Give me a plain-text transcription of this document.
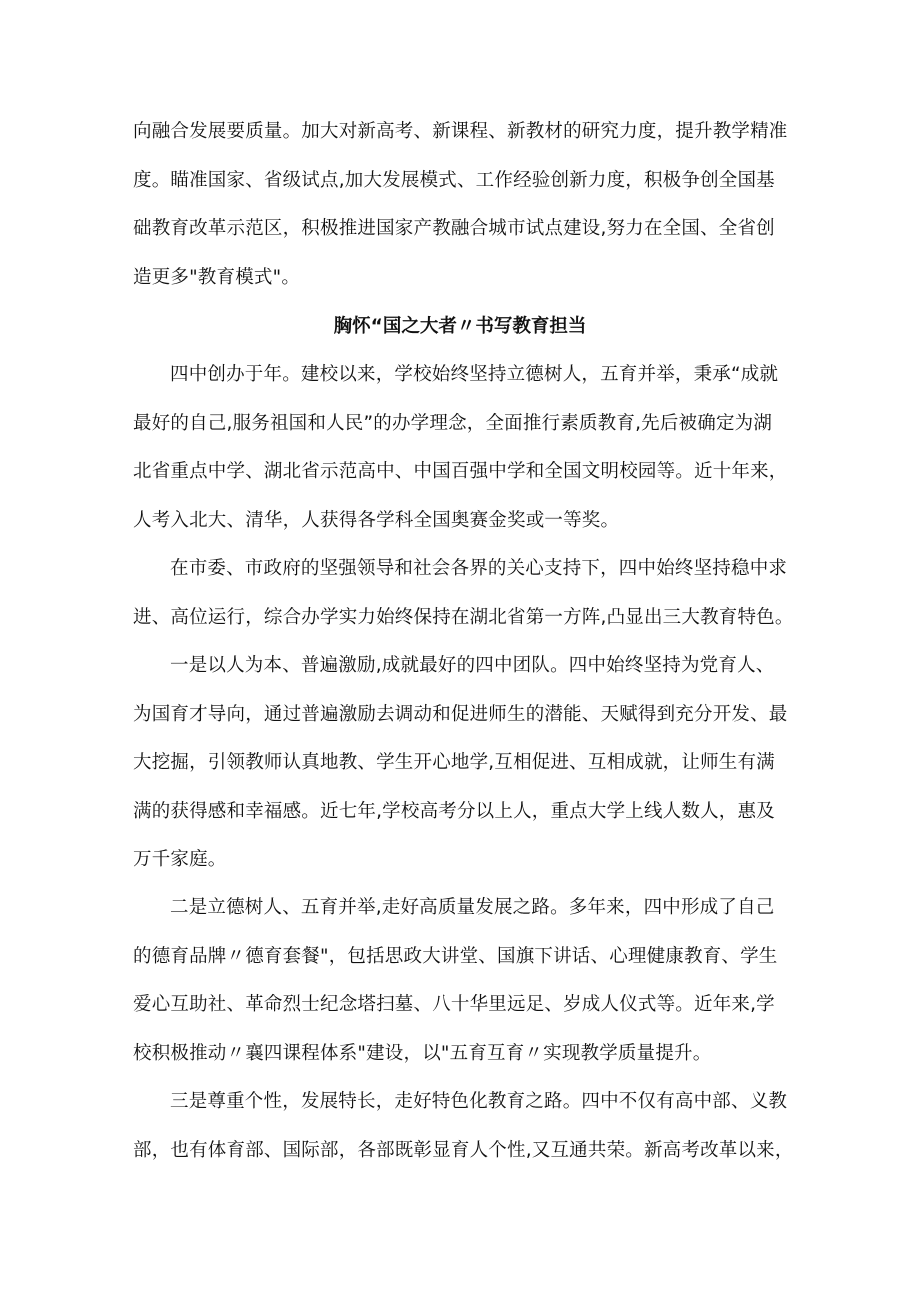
向融合发展要质量。加大对新高考、新课程、新教材的研究力度，提升教学精准
度。瞄准国家、省级试点,加大发展模式、工作经验创新力度，积极争创全国基
础教育改革示范区，积极推进国家产教融合城市试点建设,努力在全国、全省创
造更多"教育模式"。
胸怀“国之大者〃书写教育担当
四中创办于年。建校以来，学校始终坚持立德树人，五育并举，秉承“成就
最好的自己,服务祖国和人民”的办学理念，全面推行素质教育,先后被确定为湖
北省重点中学、湖北省示范高中、中国百强中学和全国文明校园等。近十年来，
人考入北大、清华，人获得各学科全国奥赛金奖或一等奖。
在市委、市政府的坚强领导和社会各界的关心支持下，四中始终坚持稳中求
进、高位运行，综合办学实力始终保持在湖北省第一方阵,凸显出三大教育特色。
一是以人为本、普遍激励,成就最好的四中团队。四中始终坚持为党育人、
为国育才导向，通过普遍激励去调动和促进师生的潜能、天赋得到充分开发、最
大挖掘，引领教师认真地教、学生开心地学,互相促进、互相成就，让师生有满
满的获得感和幸福感。近七年,学校高考分以上人，重点大学上线人数人，惠及
万千家庭。
二是立德树人、五育并举,走好高质量发展之路。多年来，四中形成了自己
的德育品牌〃德育套餐"，包括思政大讲堂、国旗下讲话、心理健康教育、学生
爱心互助社、革命烈士纪念塔扫墓、八十华里远足、岁成人仪式等。近年来,学
校积极推动〃襄四课程体系"建设，以"五育互育〃实现教学质量提升。
三是尊重个性，发展特长，走好特色化教育之路。四中不仅有高中部、义教
部，也有体育部、国际部，各部既彰显育人个性,又互通共荣。新高考改革以来，
